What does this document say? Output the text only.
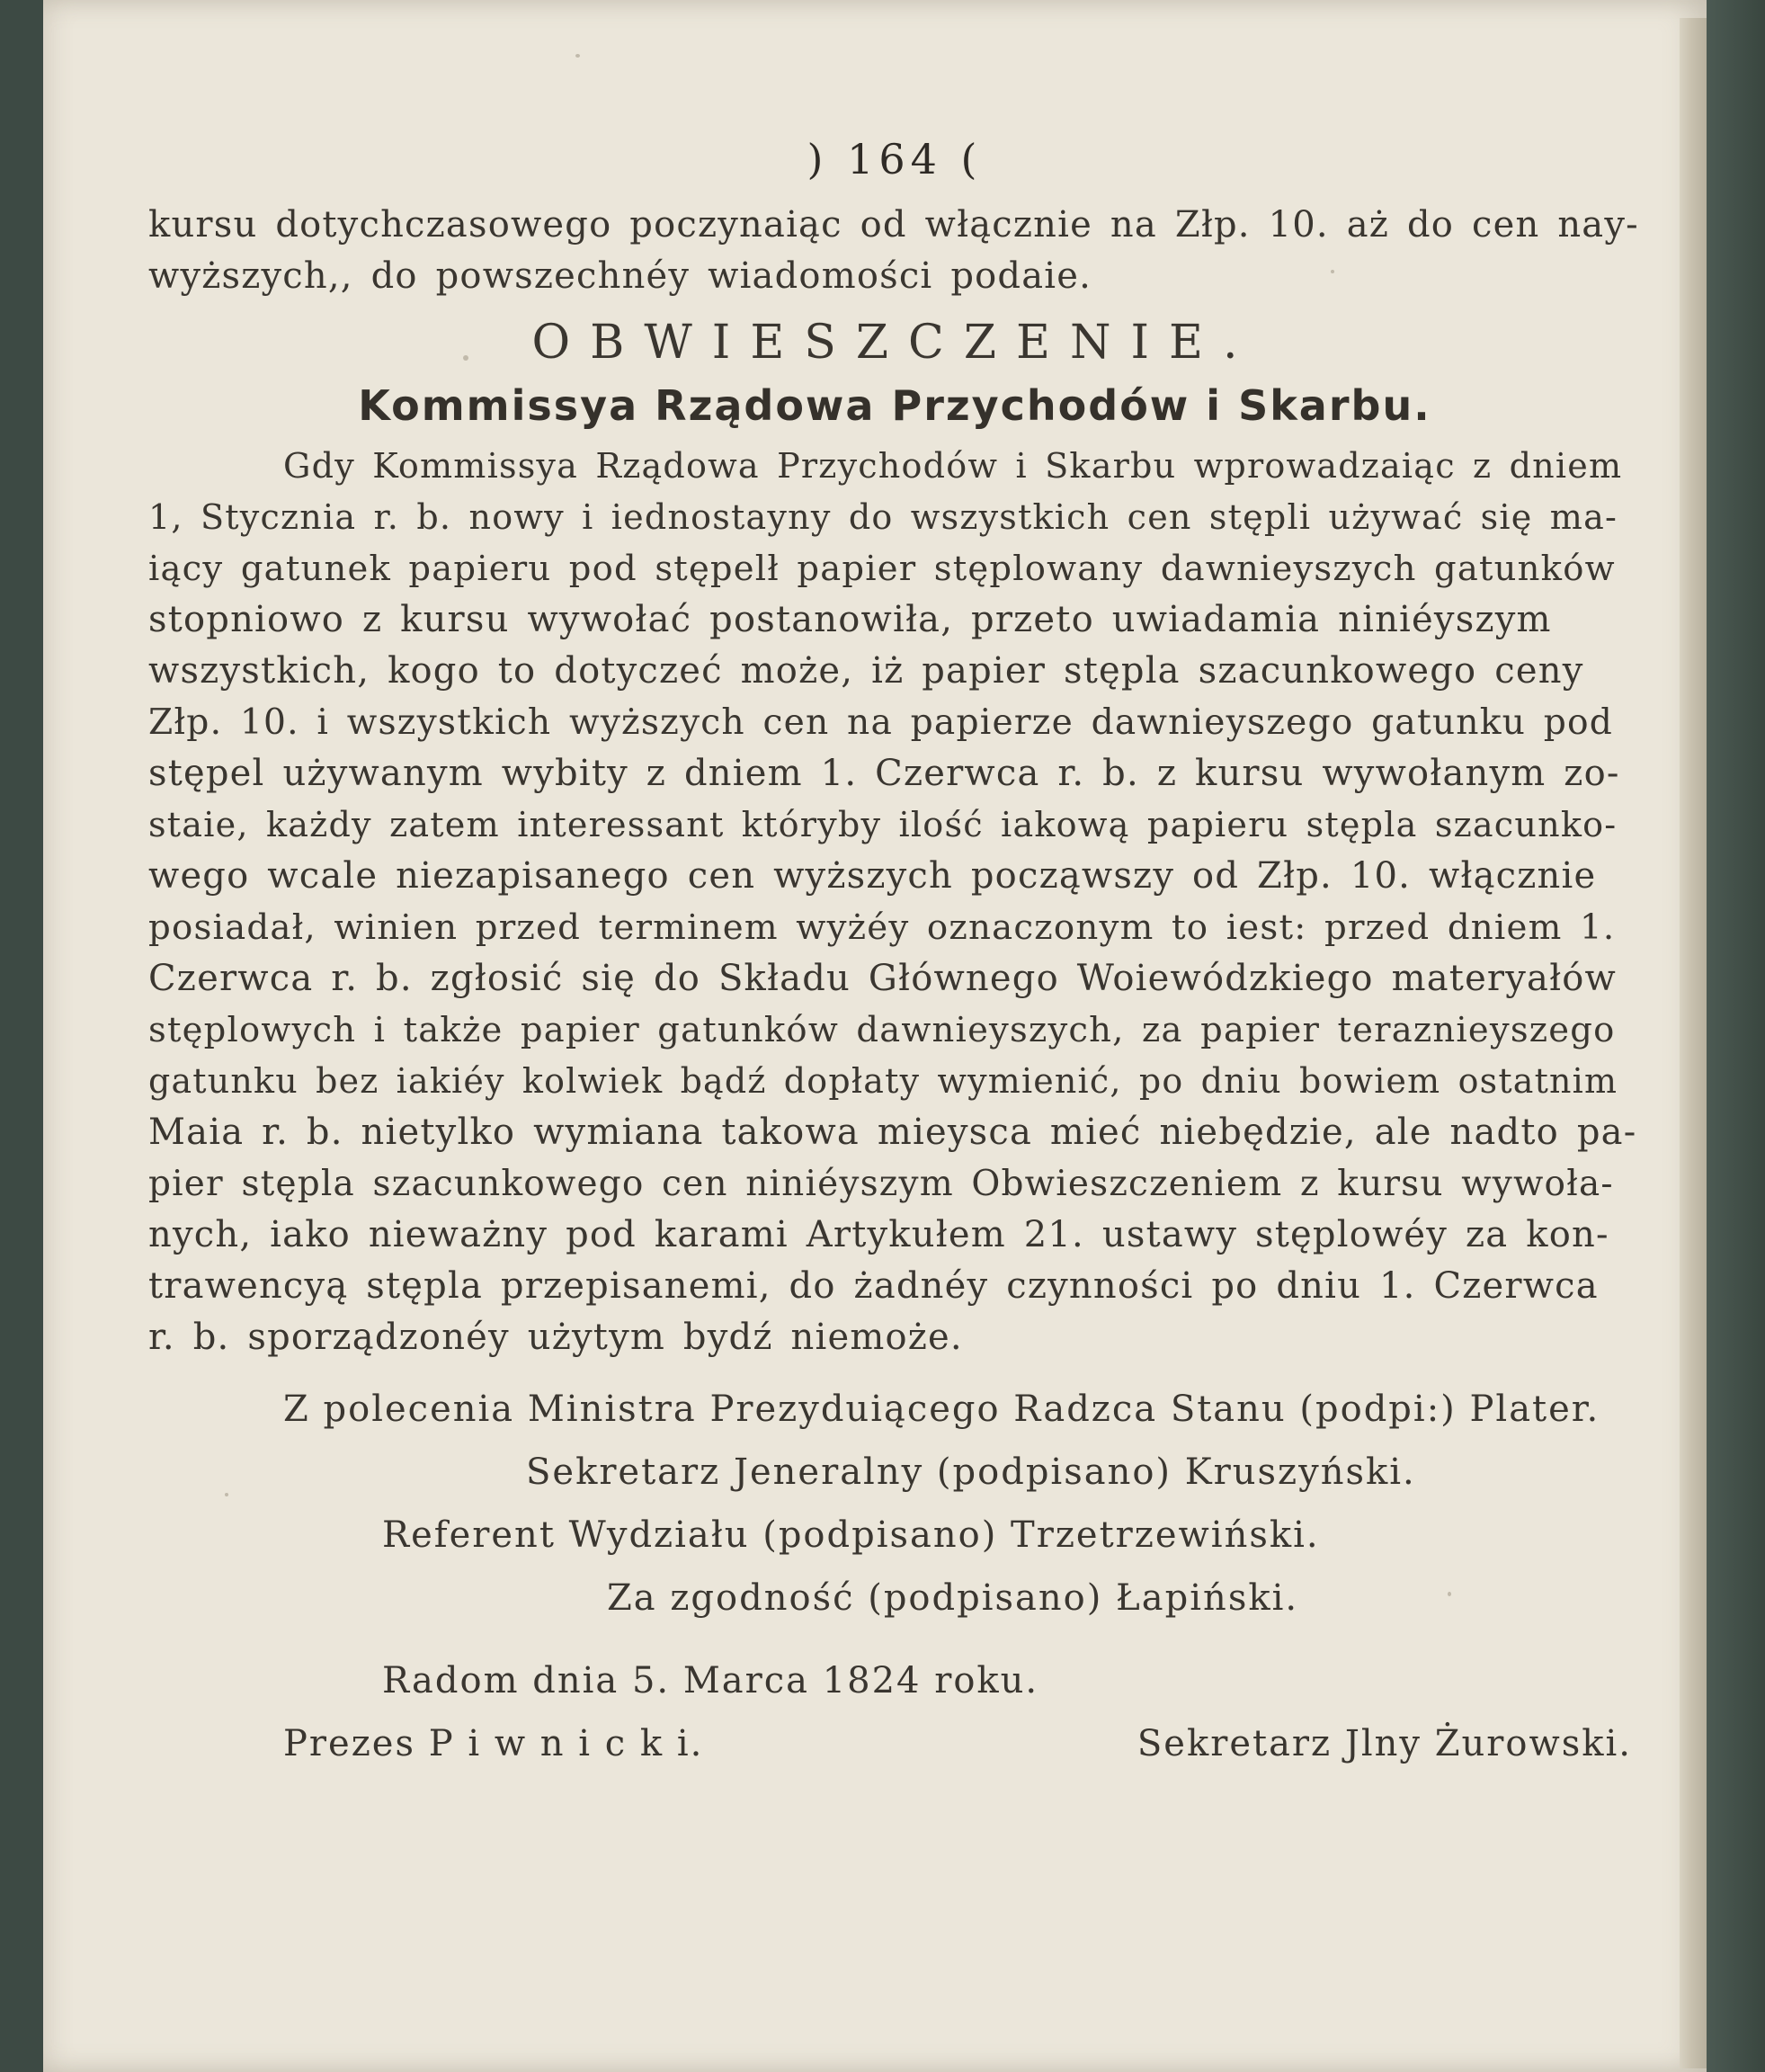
) 164 (
kursu dotychczasowego poczynaiąc od włącznie na Złp. 10. aż do cen nay-
wyższych,, do powszechnéy wiadomości podaie.
OBWIESZCZENIE.
Kommissya Rządowa Przychodów i Skarbu.
Gdy Kommissya Rządowa Przychodów i Skarbu wprowadzaiąc z dniem
1, Stycznia r. b. nowy i iednostayny do wszystkich cen stępli używać się ma-
iący gatunek papieru pod stępelł papier stęplowany dawnieyszych gatunków
stopniowo z kursu wywołać postanowiła, przeto uwiadamia niniéyszym
wszystkich, kogo to dotyczeć może, iż papier stępla szacunkowego ceny
Złp. 10. i wszystkich wyższych cen na papierze dawnieyszego gatunku pod
stępel używanym wybity z dniem 1. Czerwca r. b. z kursu wywołanym zo-
staie, każdy zatem interessant któryby ilość iakową papieru stępla szacunko-
wego wcale niezapisanego cen wyższych począwszy od Złp. 10. włącznie
posiadał, winien przed terminem wyżéy oznaczonym to iest: przed dniem 1.
Czerwca r. b. zgłosić się do Składu Głównego Woiewódzkiego materyałów
stęplowych i także papier gatunków dawnieyszych, za papier teraznieyszego
gatunku bez iakiéy kolwiek bądź dopłaty wymienić, po dniu bowiem ostatnim
Maia r. b. nietylko wymiana takowa mieysca mieć niebędzie, ale nadto pa-
pier stępla szacunkowego cen niniéyszym Obwieszczeniem z kursu wywoła-
nych, iako nieważny pod karami Artykułem 21. ustawy stęplowéy za kon-
trawencyą stępla przepisanemi, do żadnéy czynności po dniu 1. Czerwca
r. b. sporządzonéy użytym bydź niemoże.
Z polecenia Ministra Prezyduiącego Radzca Stanu (podpi:) Plater.
Sekretarz Jeneralny (podpisano) Kruszyński.
Referent Wydziału (podpisano) Trzetrzewiński.
Za zgodność (podpisano) Łapiński.
Radom dnia 5. Marca 1824 roku.
Prezes P i w n i c k i.	Sekretarz Jlny Żurowski.
